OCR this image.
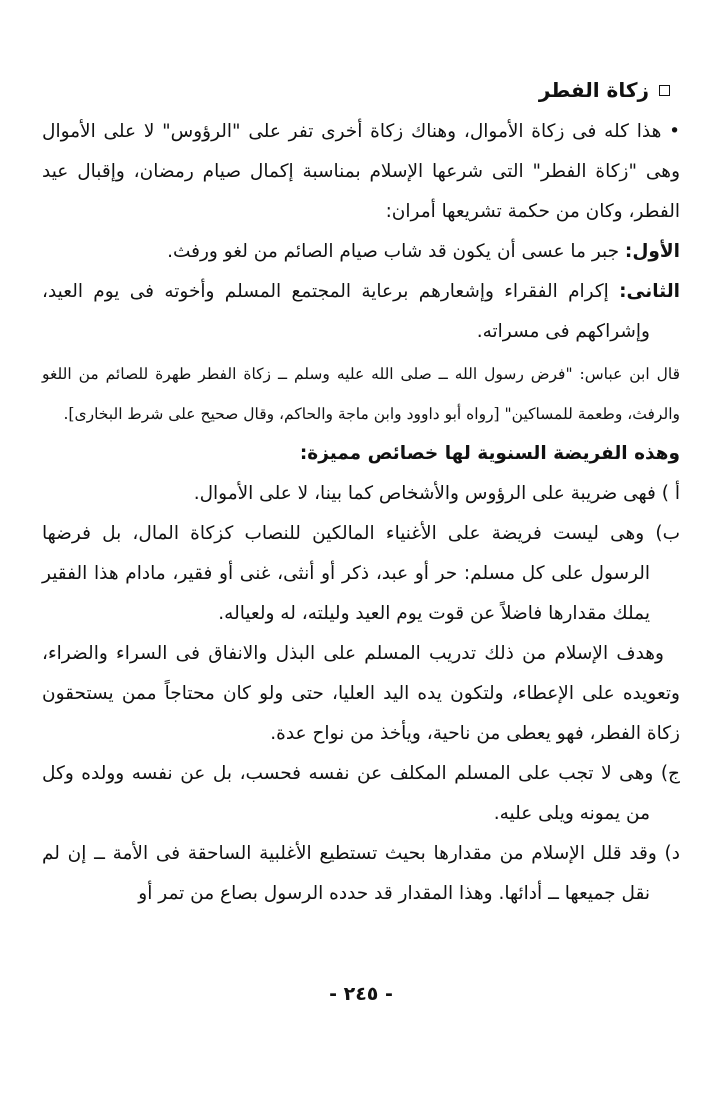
زكاة الفطر

• هذا كله فى زكاة الأموال، وهناك زكاة أخرى تفر على "الرؤوس" لا على الأموال وهى "زكاة الفطر" التى شرعها الإسلام بمناسبة إكمال صيام رمضان، وإقبال عيد الفطر، وكان من حكمة تشريعها أمران:

الأول: جبر ما عسى أن يكون قد شاب صيام الصائم من لغو ورفث.

الثانى: إكرام الفقراء وإشعارهم برعاية المجتمع المسلم وأخوته فى يوم العيد، وإشراكهم فى مسراته.

قال ابن عباس: "فرض رسول الله ــ صلى الله عليه وسلم ــ زكاة الفطر طهرة للصائم من اللغو والرفث، وطعمة للمساكين" [رواه أبو داوود وابن ماجة والحاكم، وقال صحيح على شرط البخارى].

وهذه الفريضة السنوية لها خصائص مميزة:

أ ) فهى ضريبة على الرؤوس والأشخاص كما بينا، لا على الأموال.

ب) وهى ليست فريضة على الأغنياء المالكين للنصاب كزكاة المال، بل فرضها الرسول على كل مسلم: حر أو عبد، ذكر أو أنثى، غنى أو فقير، مادام هذا الفقير يملك مقدارها فاضلاً عن قوت يوم العيد وليلته، له ولعياله.

وهدف الإسلام من ذلك تدريب المسلم على البذل والانفاق فى السراء والضراء، وتعويده على الإعطاء، ولتكون يده اليد العليا، حتى ولو كان محتاجاً ممن يستحقون زكاة الفطر، فهو يعطى من ناحية، ويأخذ من نواح عدة.

ج) وهى لا تجب على المسلم المكلف عن نفسه فحسب، بل عن نفسه وولده وكل من يمونه ويلى عليه.

د) وقد قلل الإسلام من مقدارها بحيث تستطيع الأغلبية الساحقة فى الأمة ــ إن لم نقل جميعها ــ أدائها. وهذا المقدار قد حدده الرسول بصاع من تمر أو

- ٢٤٥ -
